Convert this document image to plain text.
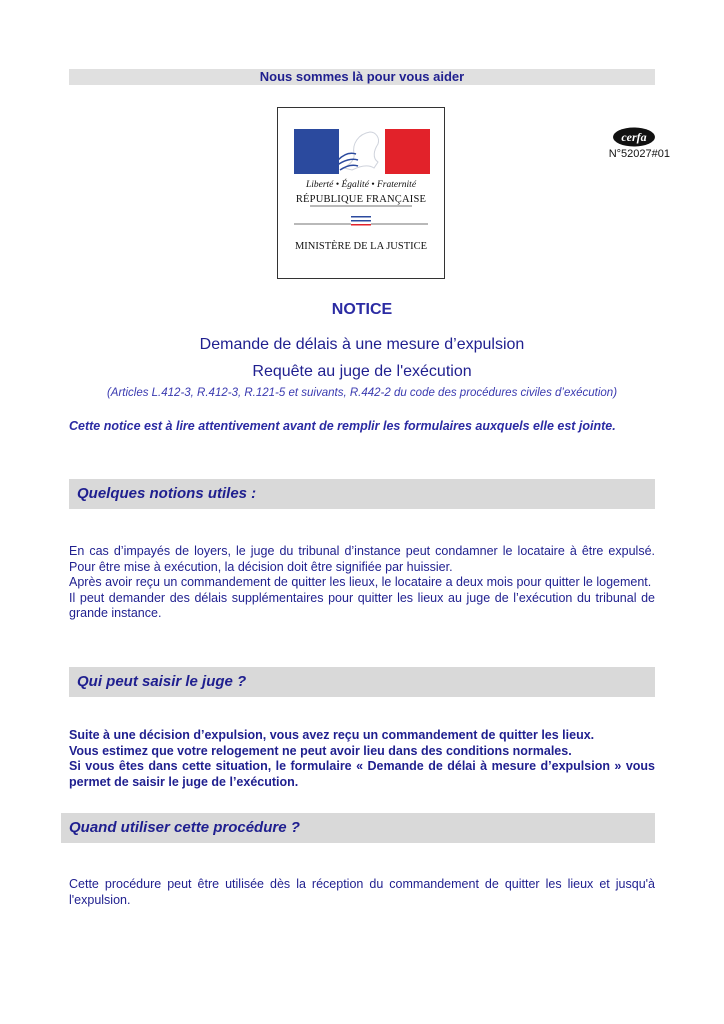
Nous sommes là pour vous aider
Liberté • Égalité • Fraternité
RÉPUBLIQUE FRANÇAISE
MINISTÈRE DE LA JUSTICE
cerfa
N°52027#01
NOTICE
Demande de délais à une mesure d’expulsion
Requête au juge de l'exécution
(Articles L.412-3, R.412-3, R.121-5 et suivants, R.442-2 du code des procédures civiles d’exécution)
Cette notice est à lire attentivement avant de remplir les formulaires auxquels elle est jointe.
Quelques notions utiles :

En cas d’impayés de loyers, le juge du tribunal d’instance peut condamner le locataire à être expulsé. Pour être mise à exécution, la décision doit être signifiée par huissier.

Après avoir reçu un commandement de quitter les lieux, le locataire a deux mois pour quitter le logement.

Il peut demander des délais supplémentaires pour quitter les lieux au juge de l’exécution du tribunal de grande instance.

Qui peut saisir le juge ?

Suite à une décision d’expulsion, vous avez reçu un commandement de quitter les lieux.

Vous estimez que votre relogement ne peut avoir lieu dans des conditions normales.

Si vous êtes dans cette situation, le formulaire « Demande de délai à mesure d’expulsion » vous permet de saisir le juge de l’exécution.

Quand utiliser cette procédure ?

Cette procédure peut être utilisée dès la réception du commandement de quitter les lieux et jusqu'à l'expulsion.
